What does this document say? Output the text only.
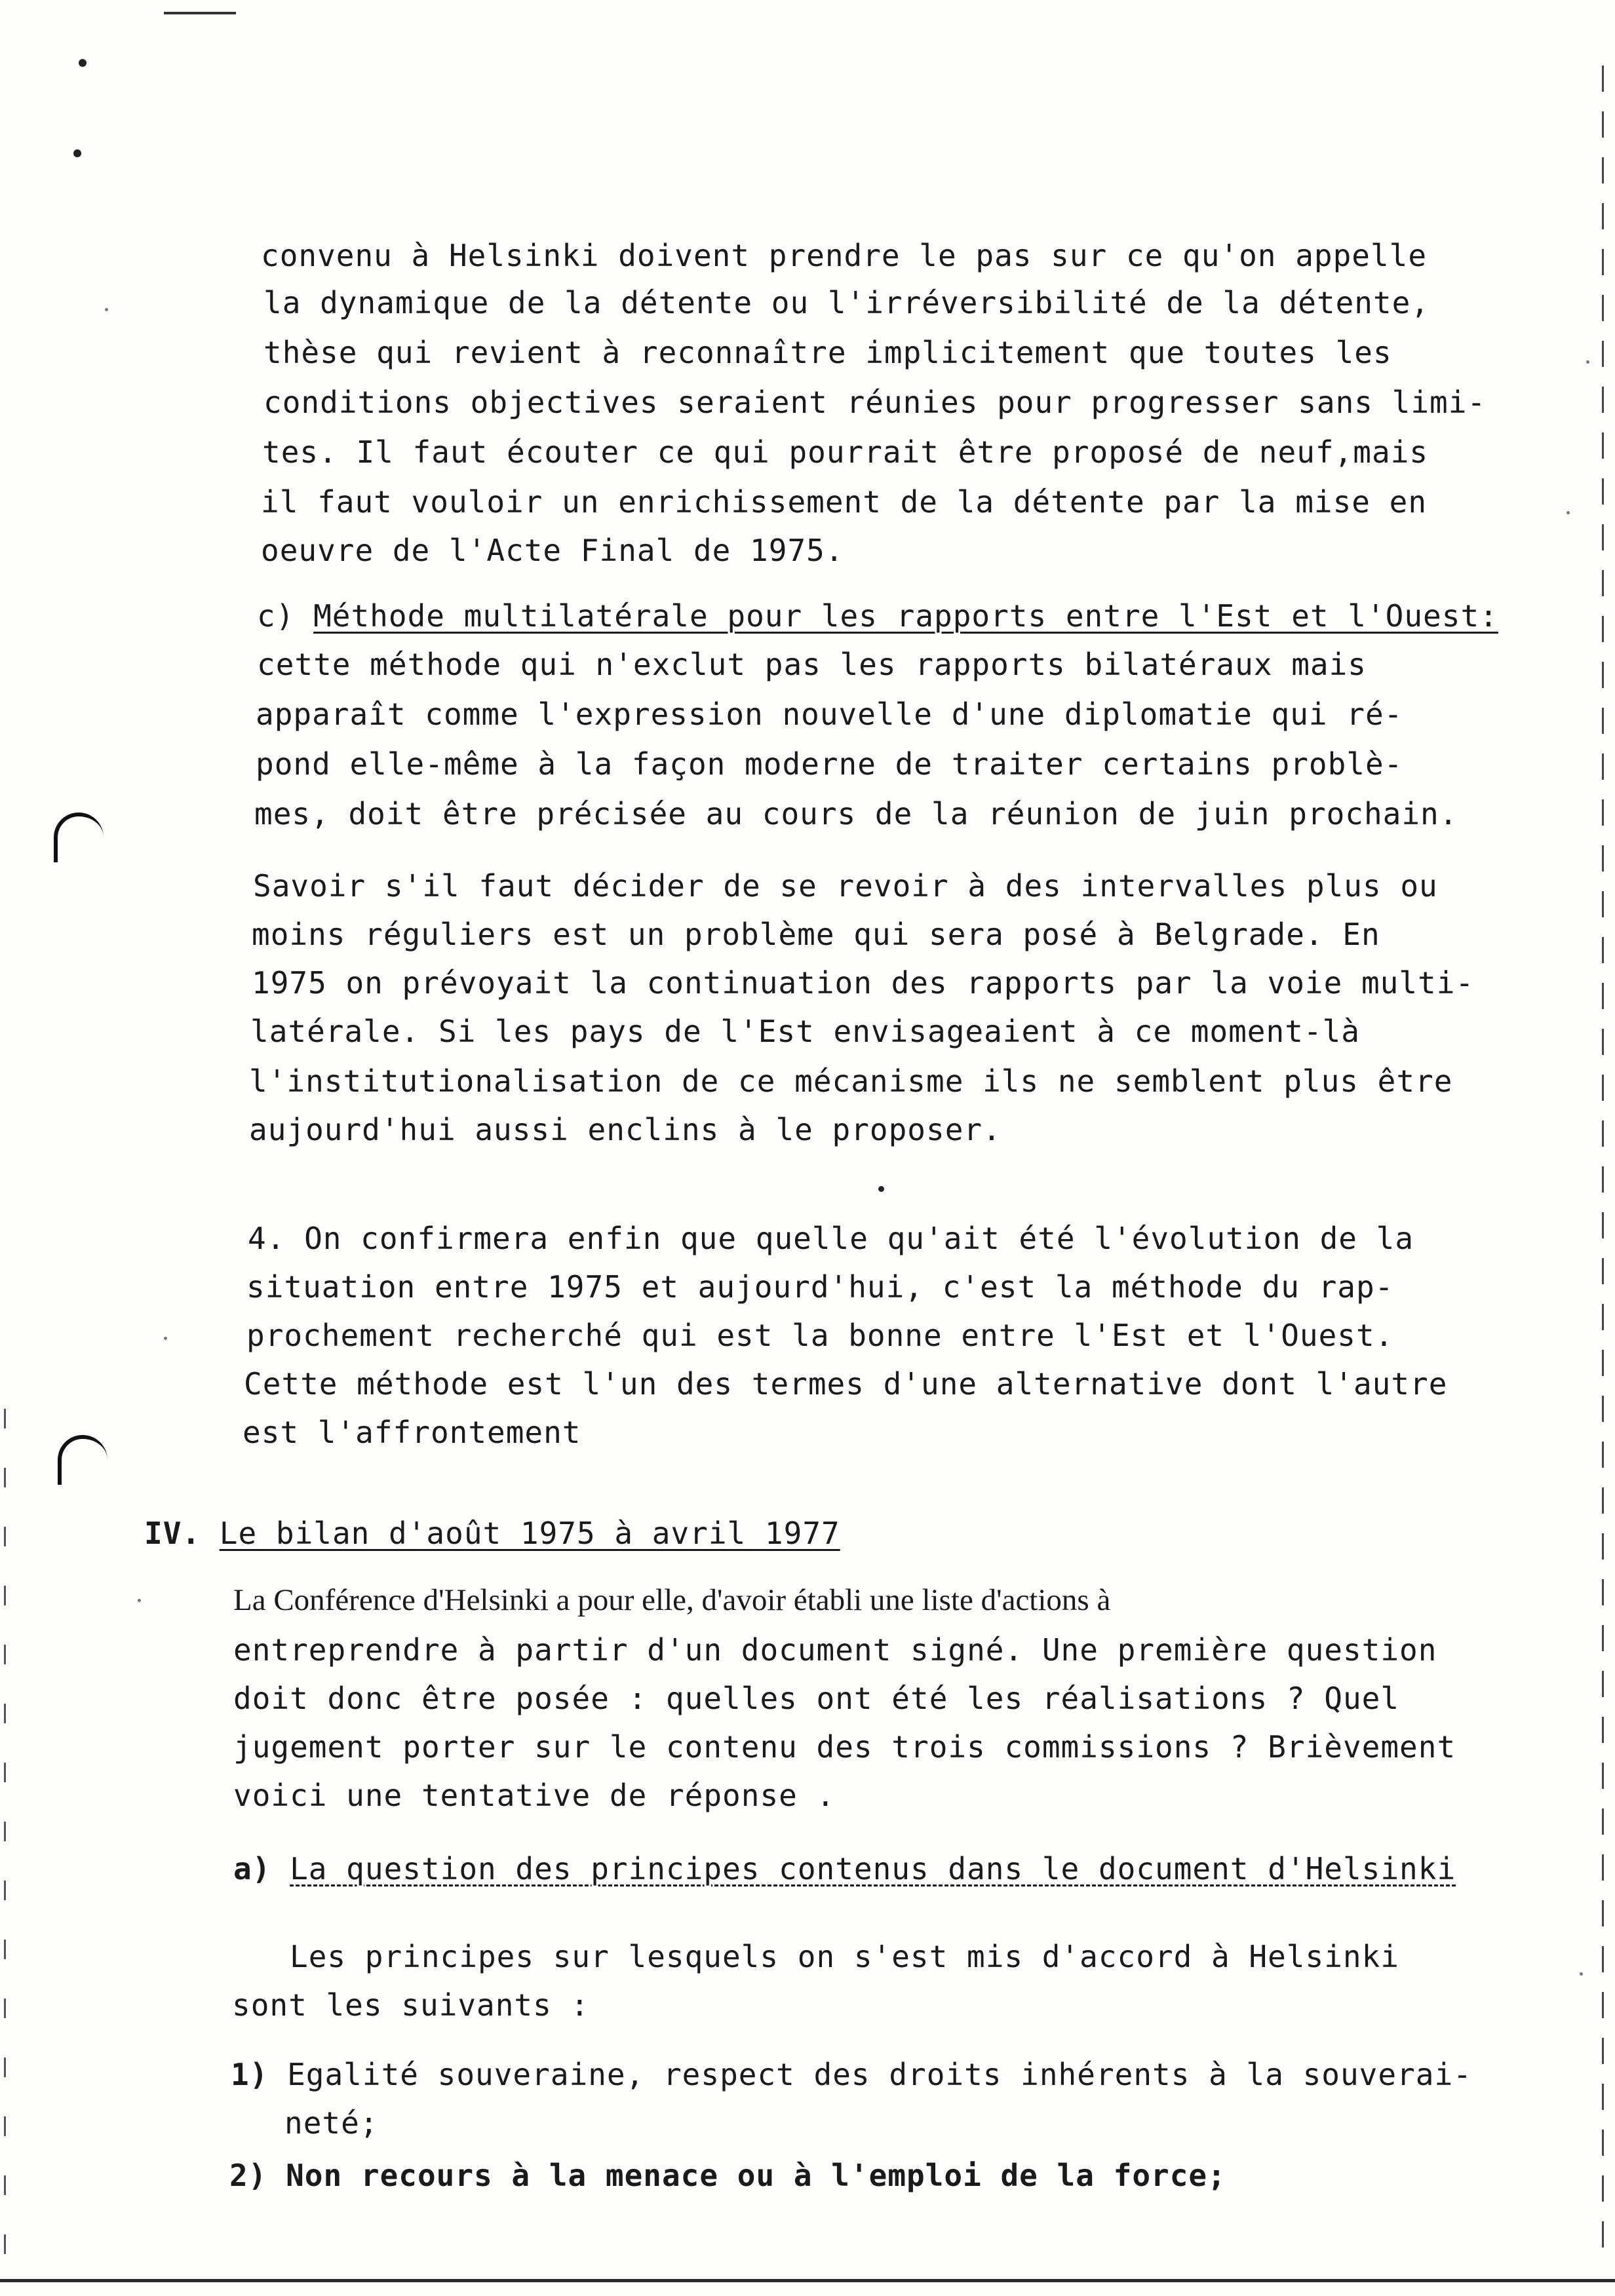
convenu à Helsinki doivent prendre le pas sur ce qu'on appelle
la dynamique de la détente ou l'irréversibilité de la détente,
thèse qui revient à reconnaître implicitement que toutes les
conditions objectives seraient réunies pour progresser sans limi-
tes. Il faut écouter ce qui pourrait être proposé de neuf,mais
il faut vouloir un enrichissement de la détente par la mise en
oeuvre de l'Acte Final de 1975.
c) Méthode multilatérale pour les rapports entre l'Est et l'Ouest:
cette méthode qui n'exclut pas les rapports bilatéraux mais
apparaît comme l'expression nouvelle d'une diplomatie qui ré-
pond elle-même à la façon moderne de traiter certains problè-
mes, doit être précisée au cours de la réunion de juin prochain.
Savoir s'il faut décider de se revoir à des intervalles plus ou
moins réguliers est un problème qui sera posé à Belgrade. En
1975 on prévoyait la continuation des rapports par la voie multi-
latérale. Si les pays de l'Est envisageaient à ce moment-là
l'institutionalisation de ce mécanisme ils ne semblent plus être
aujourd'hui aussi enclins à le proposer.
4. On confirmera enfin que quelle qu'ait été l'évolution de la
situation entre 1975 et aujourd'hui, c'est la méthode du rap-
prochement recherché qui est la bonne entre l'Est et l'Ouest.
Cette méthode est l'un des termes d'une alternative dont l'autre
est l'affrontement
IV. Le bilan d'août 1975 à avril 1977
La Conférence d'Helsinki a pour elle, d'avoir établi une liste d'actions à
entreprendre à partir d'un document signé. Une première question
doit donc être posée : quelles ont été les réalisations ? Quel
jugement porter sur le contenu des trois commissions ? Brièvement
voici une tentative de réponse .
a) La question des principes contenus dans le document d'Helsinki
Les principes sur lesquels on s'est mis d'accord à Helsinki
sont les suivants :
1) Egalité souveraine, respect des droits inhérents à la souverai-
neté;
2) Non recours à la menace ou à l'emploi de la force;
